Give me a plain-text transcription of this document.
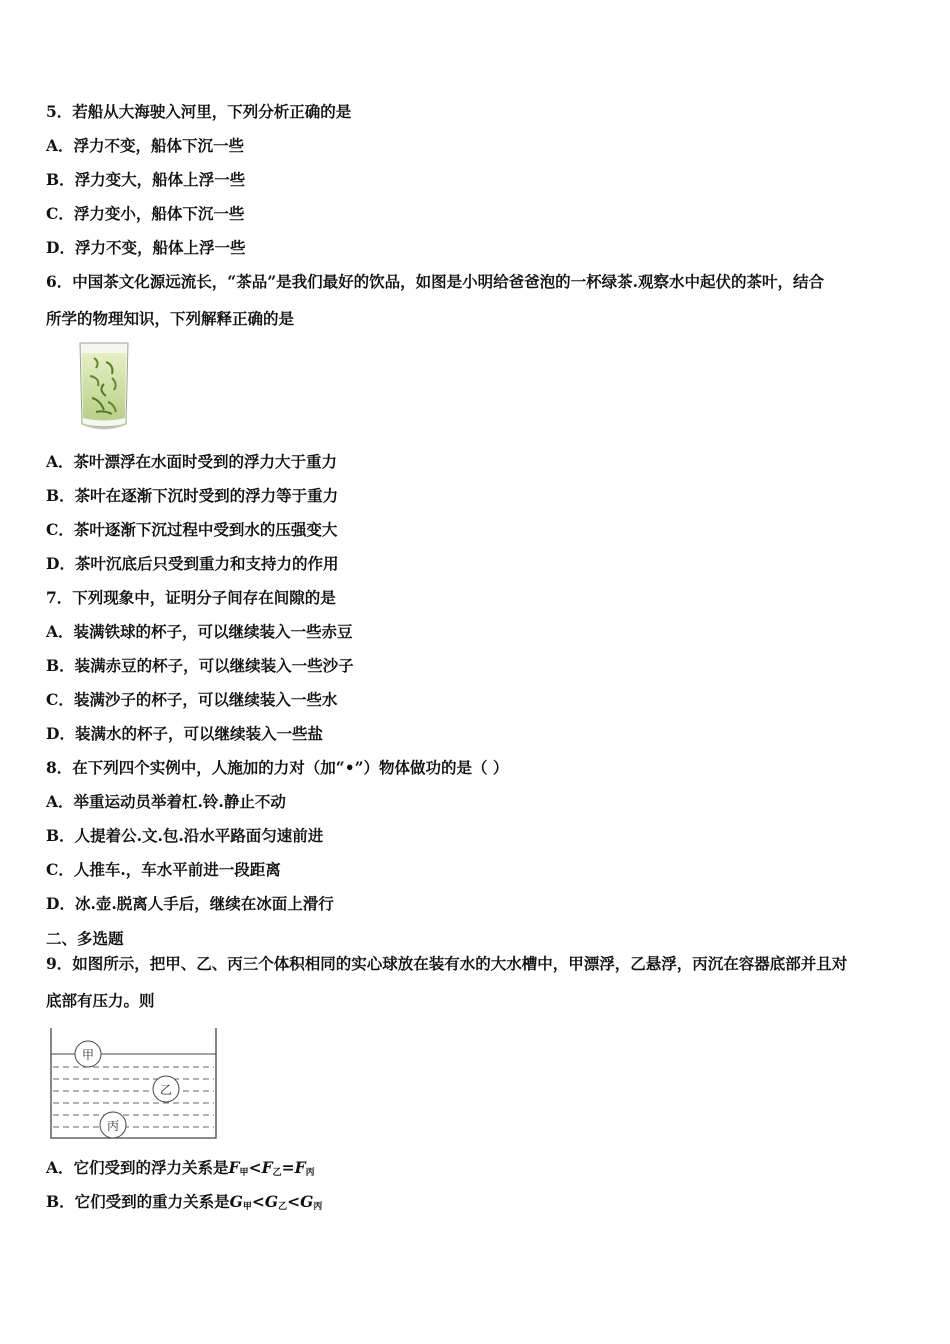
5．若船从大海驶入河里，下列分析正确的是
A．浮力不变，船体下沉一些
B．浮力变大，船体上浮一些
C．浮力变小，船体下沉一些
D．浮力不变，船体上浮一些
6．中国茶文化源远流长，“茶品”是我们最好的饮品，如图是小明给爸爸泡的一杯绿茶.观察水中起伏的茶叶，结合
所学的物理知识，下列解释正确的是
A．茶叶漂浮在水面时受到的浮力大于重力
B．茶叶在逐渐下沉时受到的浮力等于重力
C．茶叶逐渐下沉过程中受到水的压强变大
D．茶叶沉底后只受到重力和支持力的作用
7．下列现象中，证明分子间存在间隙的是
A．装满铁球的杯子，可以继续装入一些赤豆
B．装满赤豆的杯子，可以继续装入一些沙子
C．装满沙子的杯子，可以继续装入一些水
D．装满水的杯子，可以继续装入一些盐
8．在下列四个实例中，人施加的力对（加“•”）物体做功的是（ ）
A．举重运动员举着杠.铃.静止不动
B．人提着公.文.包.沿水平路面匀速前进
C．人推车.，车水平前进一段距离
D．冰.壶.脱离人手后，继续在冰面上滑行
二、多选题
9．如图所示，把甲、乙、丙三个体积相同的实心球放在装有水的大水槽中，甲漂浮，乙悬浮，丙沉在容器底部并且对
底部有压力。则
甲
乙
丙
A．它们受到的浮力关系是$F_甲<F_乙=F_丙$
B．它们受到的重力关系是$G_甲<G_乙<G_丙$
